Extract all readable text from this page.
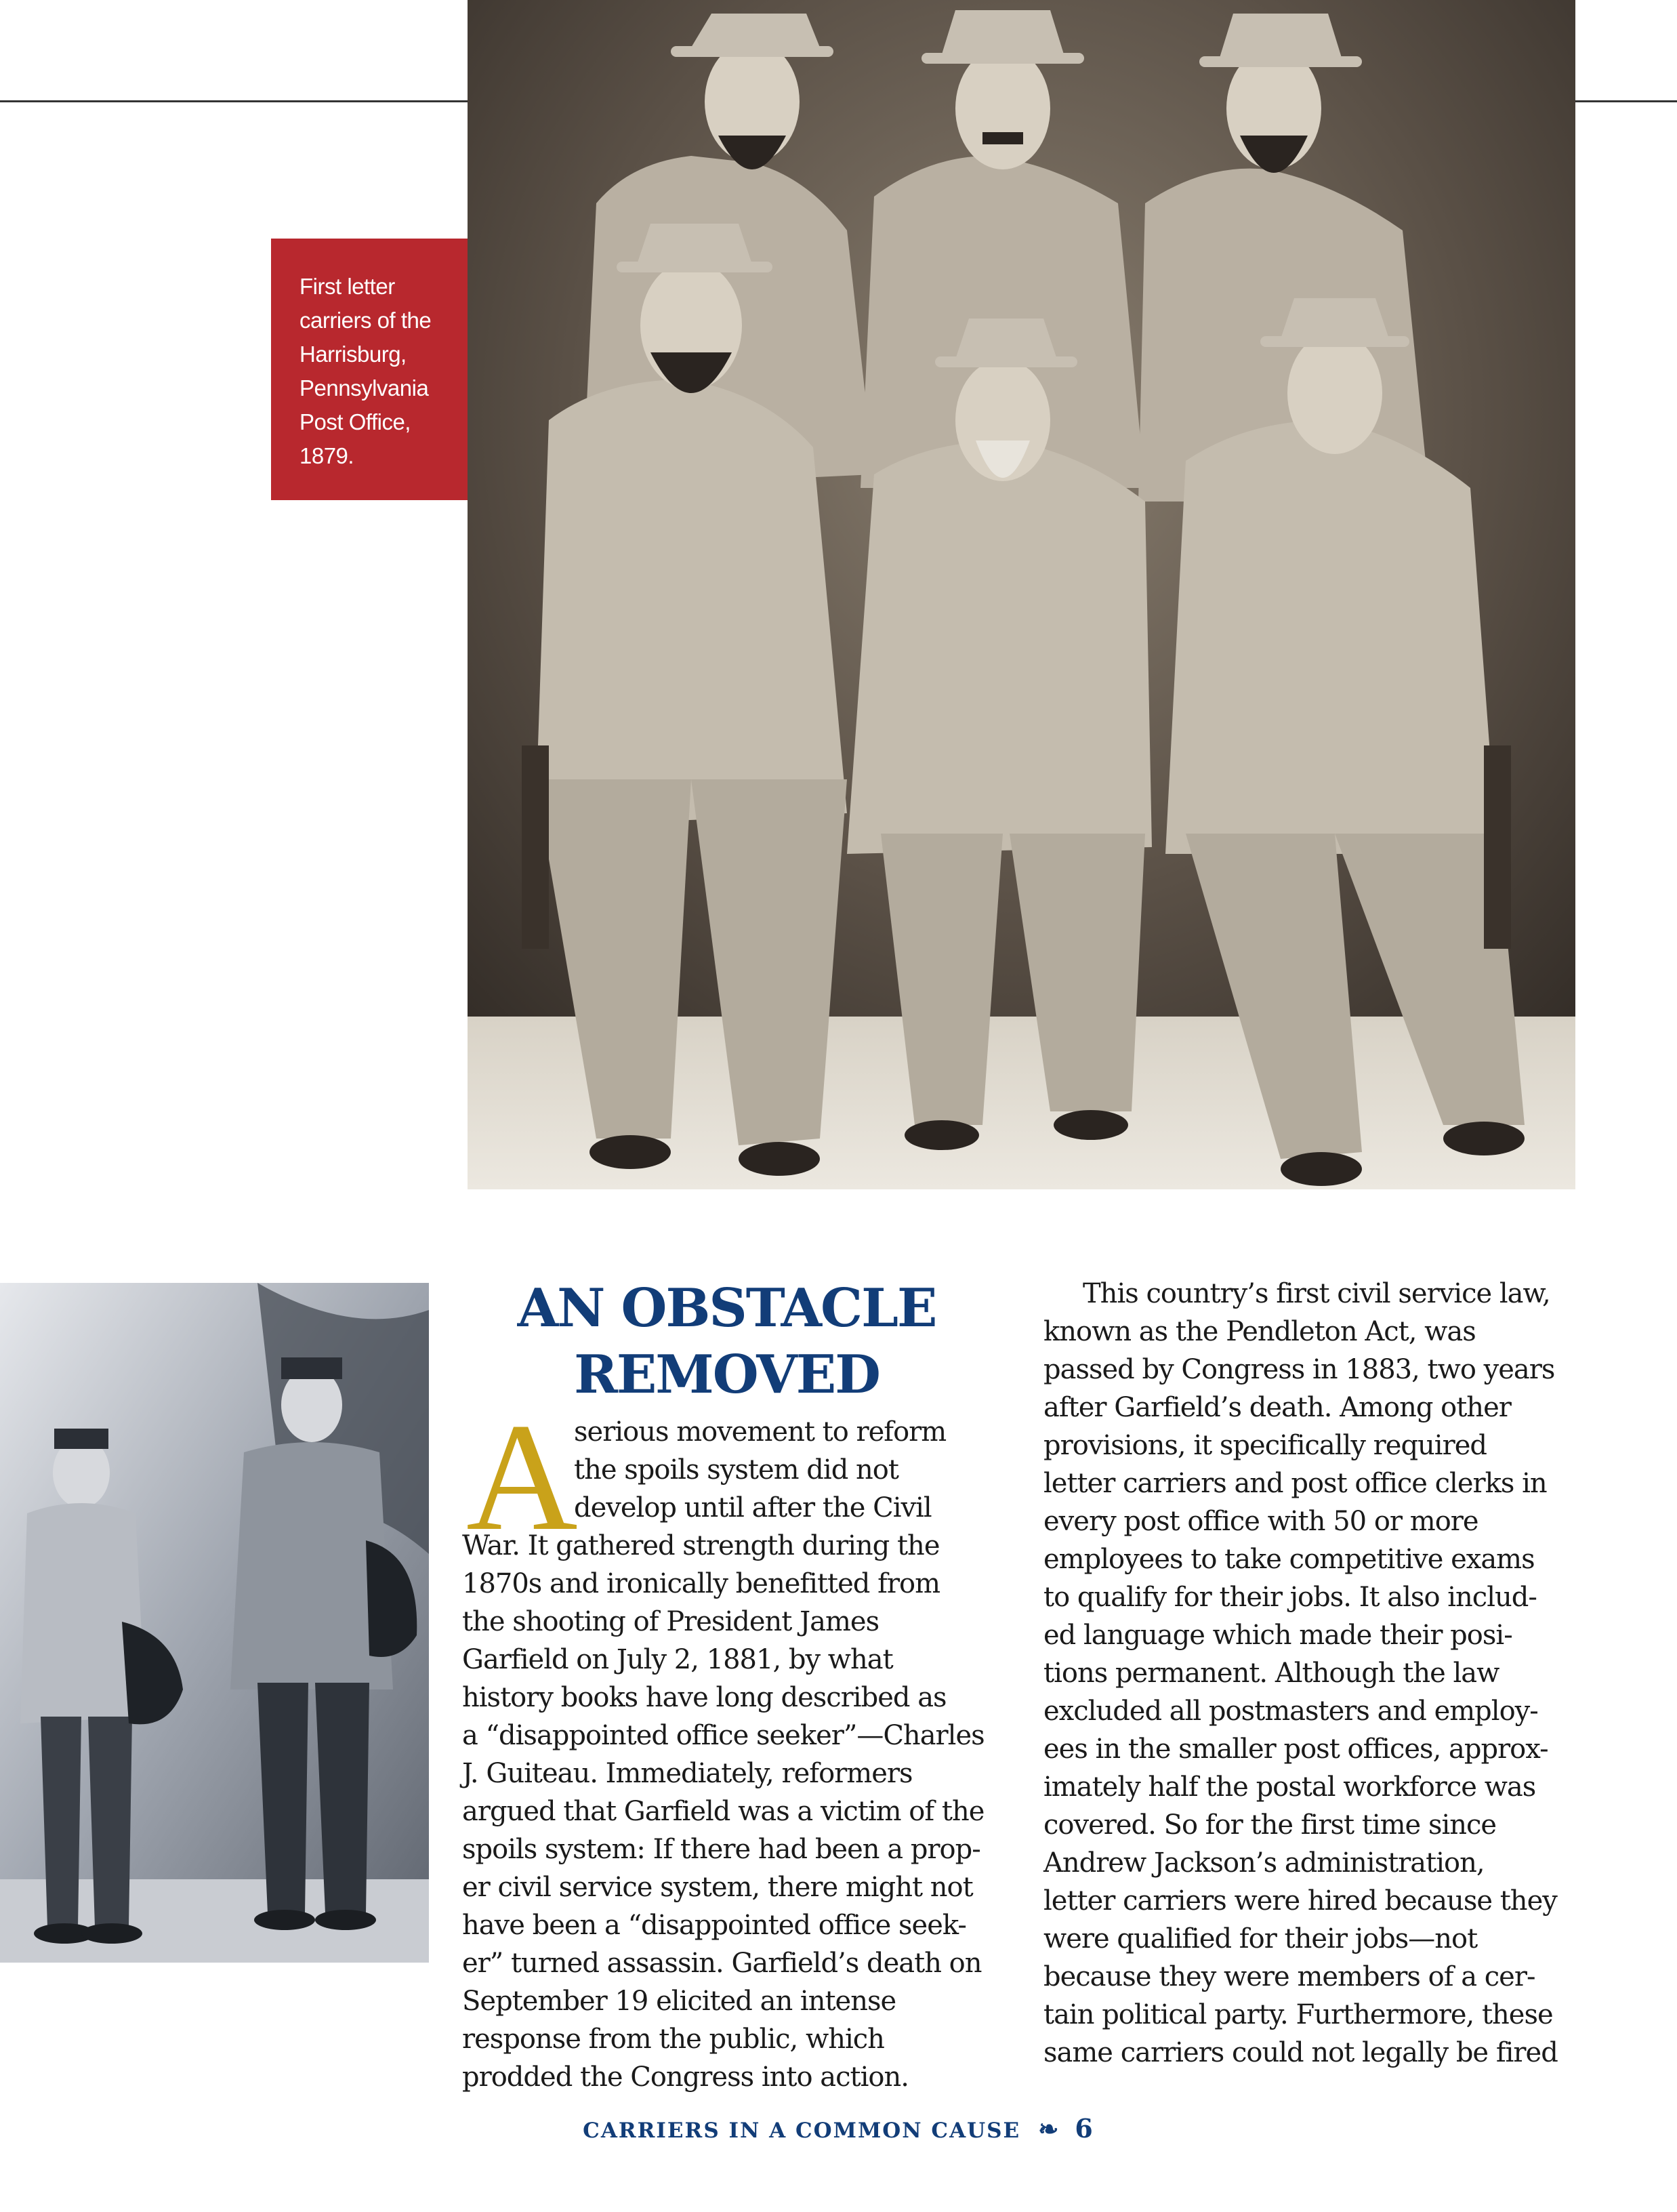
First letter
carriers of the
Harrisburg,
Pennsylvania
Post Office,
1879.
AN OBSTACLE
REMOVED
A
serious movement to reform
the spoils system did not
develop until after the Civil
War. It gathered strength during the
1870s and ironically benefitted from
the shooting of President James
Garfield on July 2, 1881, by what
history books have long described as
a “disappointed office seeker”—Charles
J. Guiteau. Immediately, reformers
argued that Garfield was a victim of the
spoils system: If there had been a prop-
er civil service system, there might not
have been a “disappointed office seek-
er” turned assassin. Garfield’s death on
September 19 elicited an intense
response from the public, which
prodded the Congress into action.
This country’s first civil service law,
known as the Pendleton Act, was
passed by Congress in 1883, two years
after Garfield’s death. Among other
provisions, it specifically required
letter carriers and post office clerks in
every post office with 50 or more
employees to take competitive exams
to qualify for their jobs. It also includ-
ed language which made their posi-
tions permanent. Although the law
excluded all postmasters and employ-
ees in the smaller post offices, approx-
imately half the postal workforce was
covered. So for the first time since
Andrew Jackson’s administration,
letter carriers were hired because they
were qualified for their jobs—not
because they were members of a cer-
tain political party. Furthermore, these
same carriers could not legally be fired
CARRIERS IN A COMMON CAUSE ❧ 6
